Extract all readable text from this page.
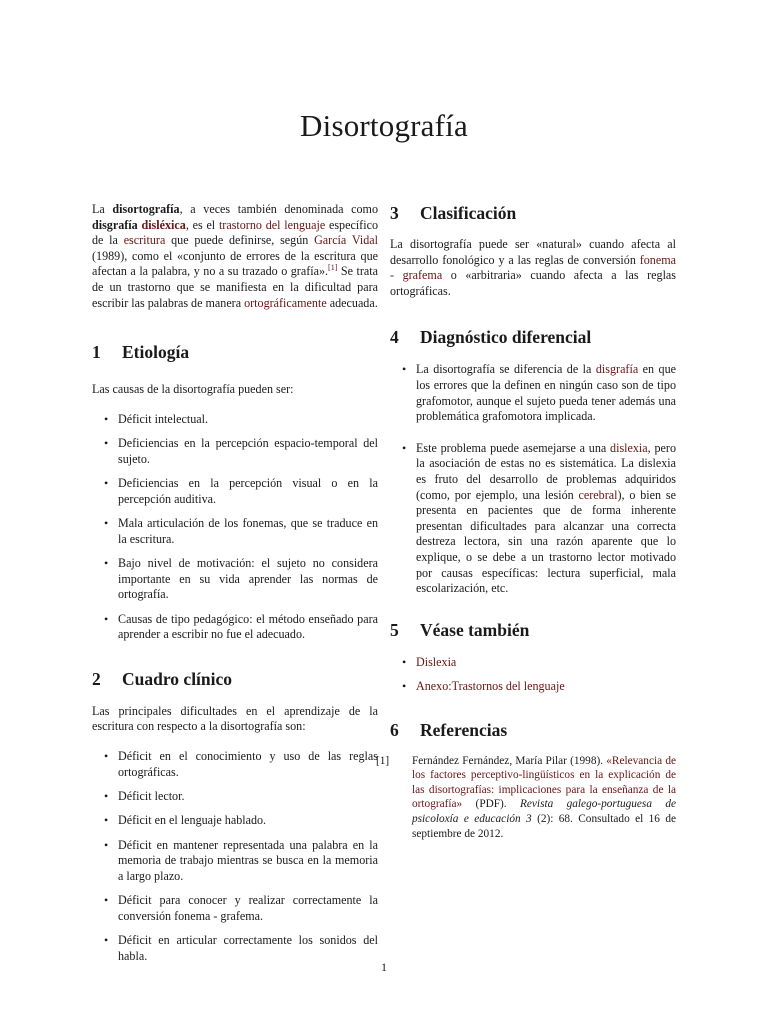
Disortografía

La disortografía, a veces también denominada como disgrafía disléxica, es el trastorno del lenguaje específico de la escritura que puede definirse, según García Vidal (1989), como el «conjunto de errores de la escritura que afectan a la palabra, y no a su trazado o grafía».[1] Se trata de un trastorno que se manifiesta en la dificultad para escribir las palabras de manera ortográficamente adecuada.

1 Etiología

Las causas de la disortografía pueden ser:

• Déficit intelectual.
• Deficiencias en la percepción espacio-temporal del sujeto.
• Deficiencias en la percepción visual o en la percepción auditiva.
• Mala articulación de los fonemas, que se traduce en la escritura.
• Bajo nivel de motivación: el sujeto no considera importante en su vida aprender las normas de ortografía.
• Causas de tipo pedagógico: el método enseñado para aprender a escribir no fue el adecuado.
2 Cuadro clínico

Las principales dificultades en el aprendizaje de la escritura con respecto a la disortografía son:

• Déficit en el conocimiento y uso de las reglas ortográficas.
• Déficit lector.
• Déficit en el lenguaje hablado.
• Déficit en mantener representada una palabra en la memoria de trabajo mientras se busca en la memoria a largo plazo.
• Déficit para conocer y realizar correctamente la conversión fonema - grafema.
• Déficit en articular correctamente los sonidos del habla.
3 Clasificación

La disortografía puede ser «natural» cuando afecta al desarrollo fonológico y a las reglas de conversión fonema - grafema o «arbitraria» cuando afecta a las reglas ortográficas.

4 Diagnóstico diferencial
• La disortografía se diferencia de la disgrafía en que los errores que la definen en ningún caso son de tipo grafomotor, aunque el sujeto pueda tener además una problemática grafomotora implicada.
• Este problema puede asemejarse a una dislexia, pero la asociación de estas no es sistemática. La dislexia es fruto del desarrollo de problemas adquiridos (como, por ejemplo, una lesión cerebral), o bien se presenta en pacientes que de forma inherente presentan dificultades para alcanzar una correcta destreza lectora, sin una razón aparente que lo explique, o se debe a un trastorno lector motivado por causas específicas: lectura superficial, mala escolarización, etc.
5 Véase también
• Dislexia
• Anexo:Trastornos del lenguaje
6 Referencias
[1] Fernández Fernández, María Pilar (1998). «Relevancia de los factores perceptivo-lingüísticos en la explicación de las disortografías: implicaciones para la enseñanza de la ortografía» (PDF). Revista galego-portuguesa de psicoloxía e educación 3 (2): 68. Consultado el 16 de septiembre de 2012.
1
